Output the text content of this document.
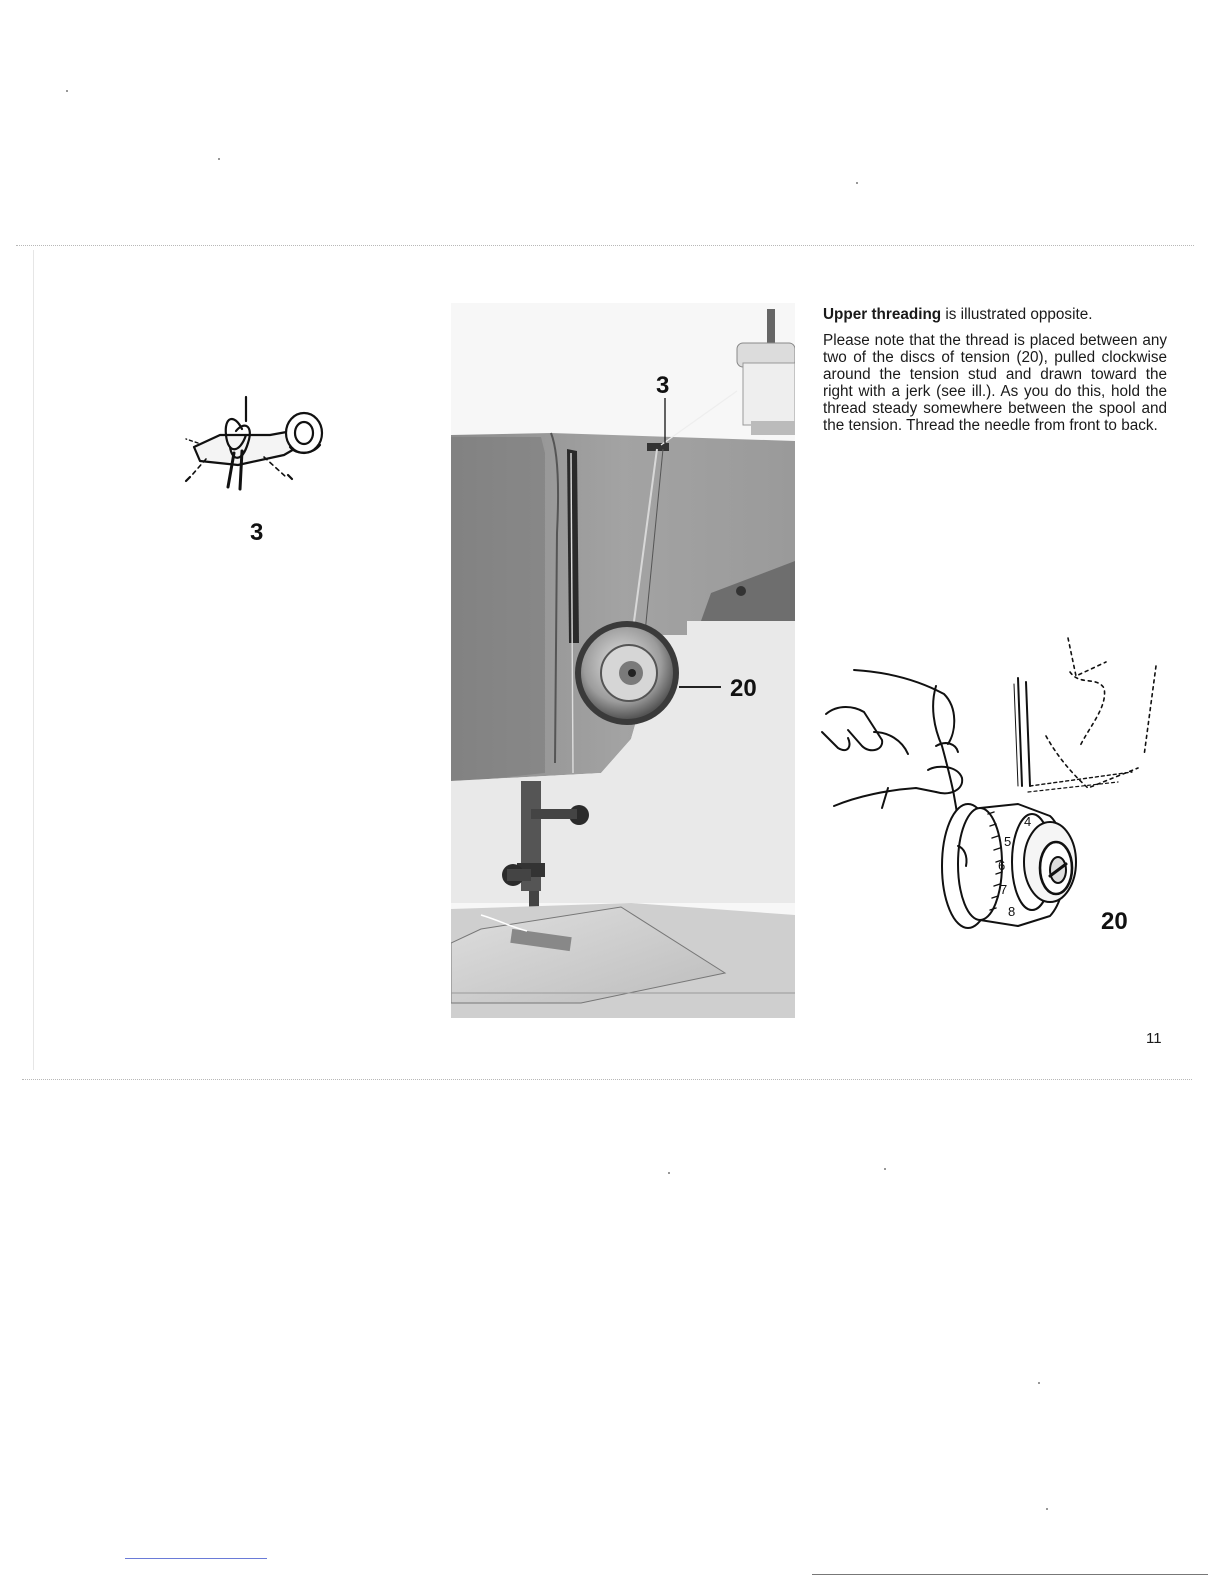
3
3
20

Upper threading is illustrated opposite.

Please note that the thread is placed between any two of the discs of tension (20), pulled clockwise around the tension stud and drawn toward the right with a jerk (see ill.). As you do this, hold the thread steady somewhere between the spool and the tension. Thread the needle from front to back.

4
5
6
7
8	20
11
